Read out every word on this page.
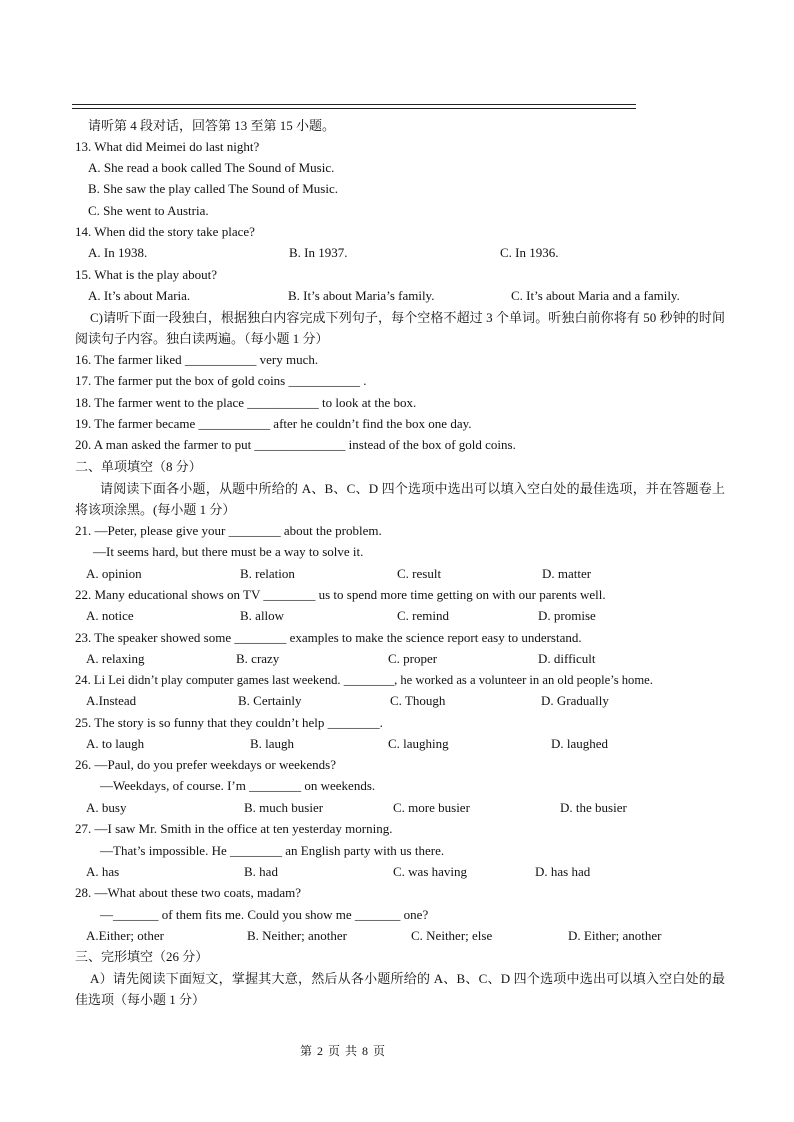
请听第 4 段对话，回答第 13 至第 15 小题。
13. What did Meimei do last night?
A. She read a book called The Sound of Music.
B. She saw the play called The Sound of Music.
C. She went to Austria.
14. When did the story take place?
A. In 1938.	B. In 1937.	C. In 1936.
15. What is the play about?
A. It’s about Maria.	B. It’s about Maria’s family.	C. It’s about Maria and a family.
C)请听下面一段独白，根据独白内容完成下列句子，每个空格不超过 3 个单词。听独白前你将有 50 秒钟的时间阅读句子内容。独白读两遍。（每小题 1 分）
16. The farmer liked ___________ very much.
17. The farmer put the box of gold coins ___________ .
18. The farmer went to the place ___________ to look at the box.
19. The farmer became ___________ after he couldn’t find the box one day.
20. A man asked the farmer to put ______________ instead of the box of gold coins.
二、单项填空（8 分）
请阅读下面各小题，从题中所给的 A、B、C、D 四个选项中选出可以填入空白处的最佳选项，并在答题卷上将该项涂黑。(每小题 1 分）
21. —Peter, please give your ________ about the problem.
—It seems hard, but there must be a way to solve it.
A. opinion	B. relation	C. result	D. matter
22. Many educational shows on TV ________ us to spend more time getting on with our parents well.
A. notice	B. allow	C. remind	D. promise
23. The speaker showed some ________ examples to make the science report easy to understand.
A. relaxing	B. crazy	C. proper	D. difficult
24. Li Lei didn’t play computer games last weekend. ________, he worked as a volunteer in an old people’s home.
A.Instead	B. Certainly	C. Though	D. Gradually
25. The story is so funny that they couldn’t help ________.
A. to laugh	B. laugh	C. laughing	D. laughed
26. —Paul, do you prefer weekdays or weekends?
—Weekdays, of course. I’m ________ on weekends.
A. busy	B. much busier	C. more busier	D. the busier
27. —I saw Mr. Smith in the office at ten yesterday morning.
—That’s impossible. He ________ an English party with us there.
A. has	B. had	C. was having	D. has had
28. —What about these two coats, madam?
—_______ of them fits me. Could you show me _______ one?
A.Either; other	B. Neither; another	C. Neither; else	D. Either; another
三、完形填空（26 分）
A）请先阅读下面短文，掌握其大意，然后从各小题所给的 A、B、C、D 四个选项中选出可以填入空白处的最佳选项（每小题 1 分）
第 2 页 共 8 页
